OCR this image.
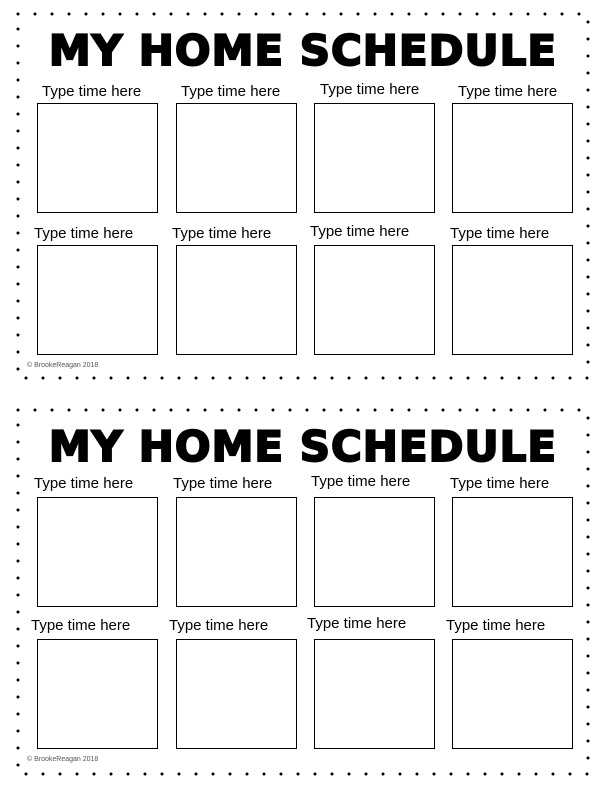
MY HOME SCHEDULE
Type time here	Type time here	Type time here	Type time here
Type time here	Type time here	Type time here	Type time here
© BrookeReagan 2018
MY HOME SCHEDULE
Type time here	Type time here	Type time here	Type time here
Type time here	Type time here	Type time here	Type time here
© BrookeReagan 2018
